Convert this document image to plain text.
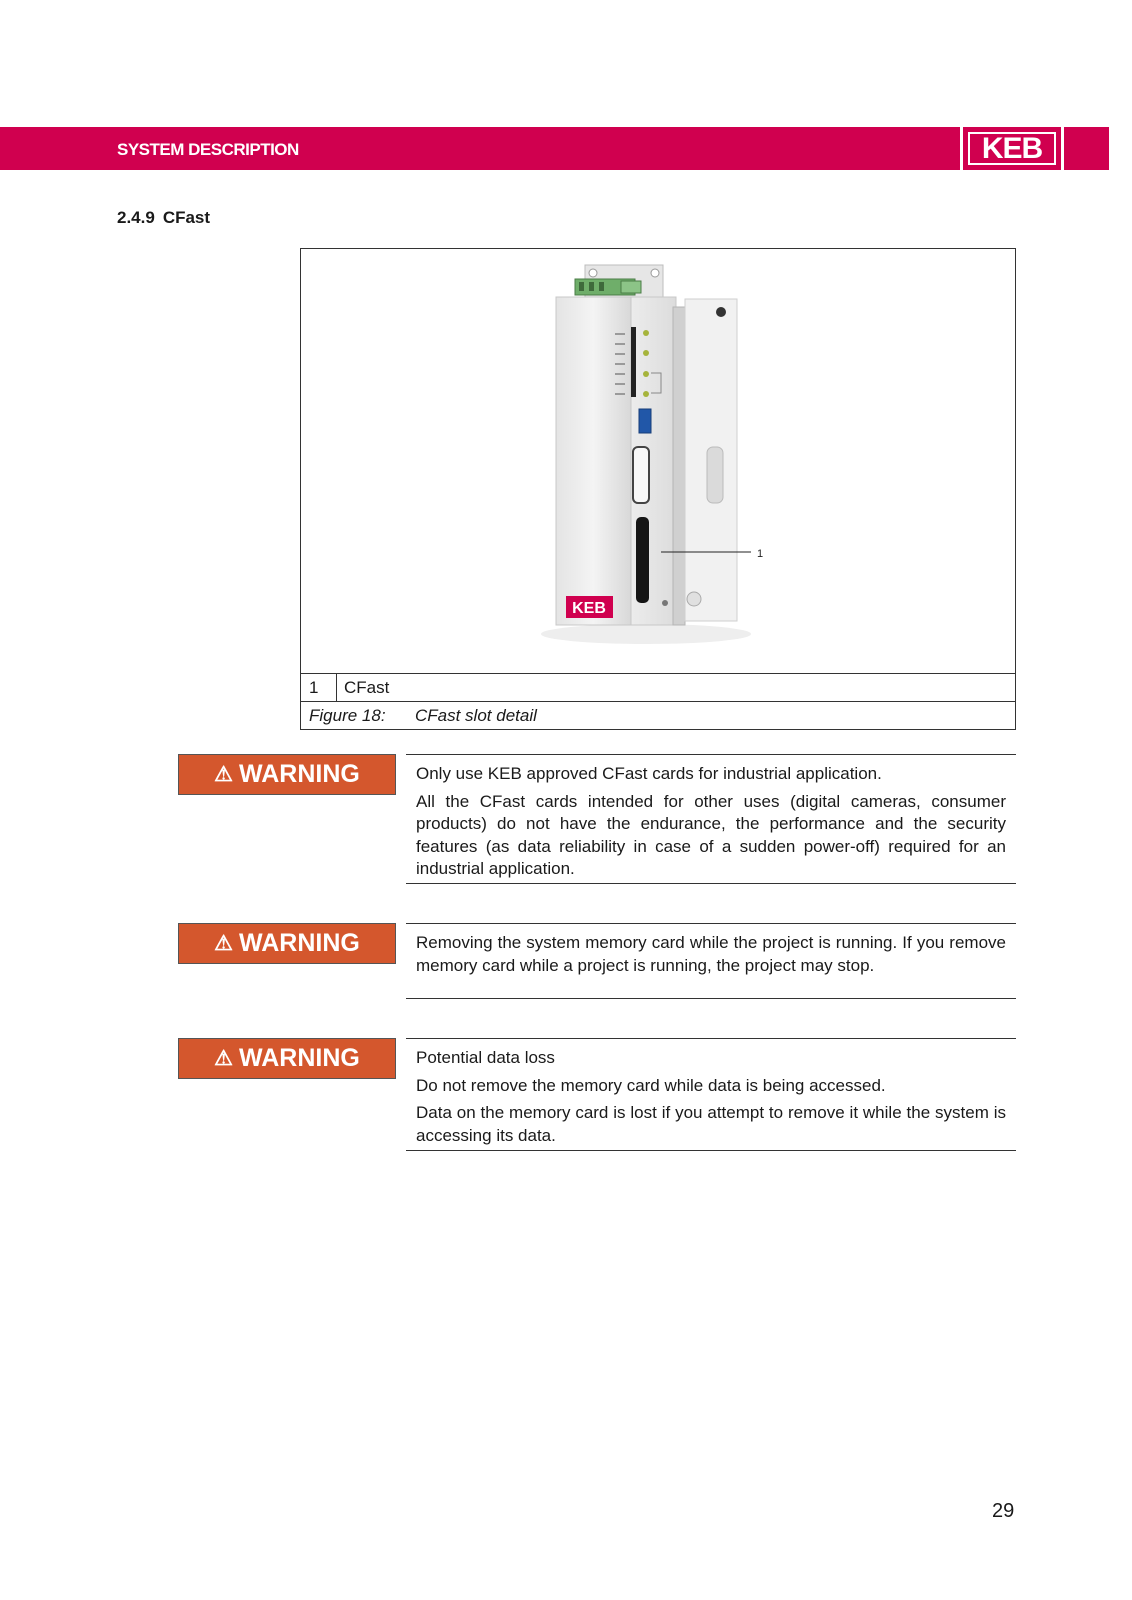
SYSTEM DESCRIPTION	KEB
2.4.9 CFast
1
KEB
1	CFast
Figure 18: CFast slot detail
⚠ WARNING	Only use KEB approved CFast cards for industrial application.

All the CFast cards intended for other uses (digital cameras, consumer products) do not have the endurance, the performance and the security features (as data reliability in case of a sudden power-off) required for an industrial application.

⚠ WARNING	Removing the system memory card while the project is running. If you remove memory card while a project is running, the project may stop.

⚠ WARNING	Potential data loss

Do not remove the memory card while data is being accessed.

Data on the memory card is lost if you attempt to remove it while the system is accessing its data.

29
